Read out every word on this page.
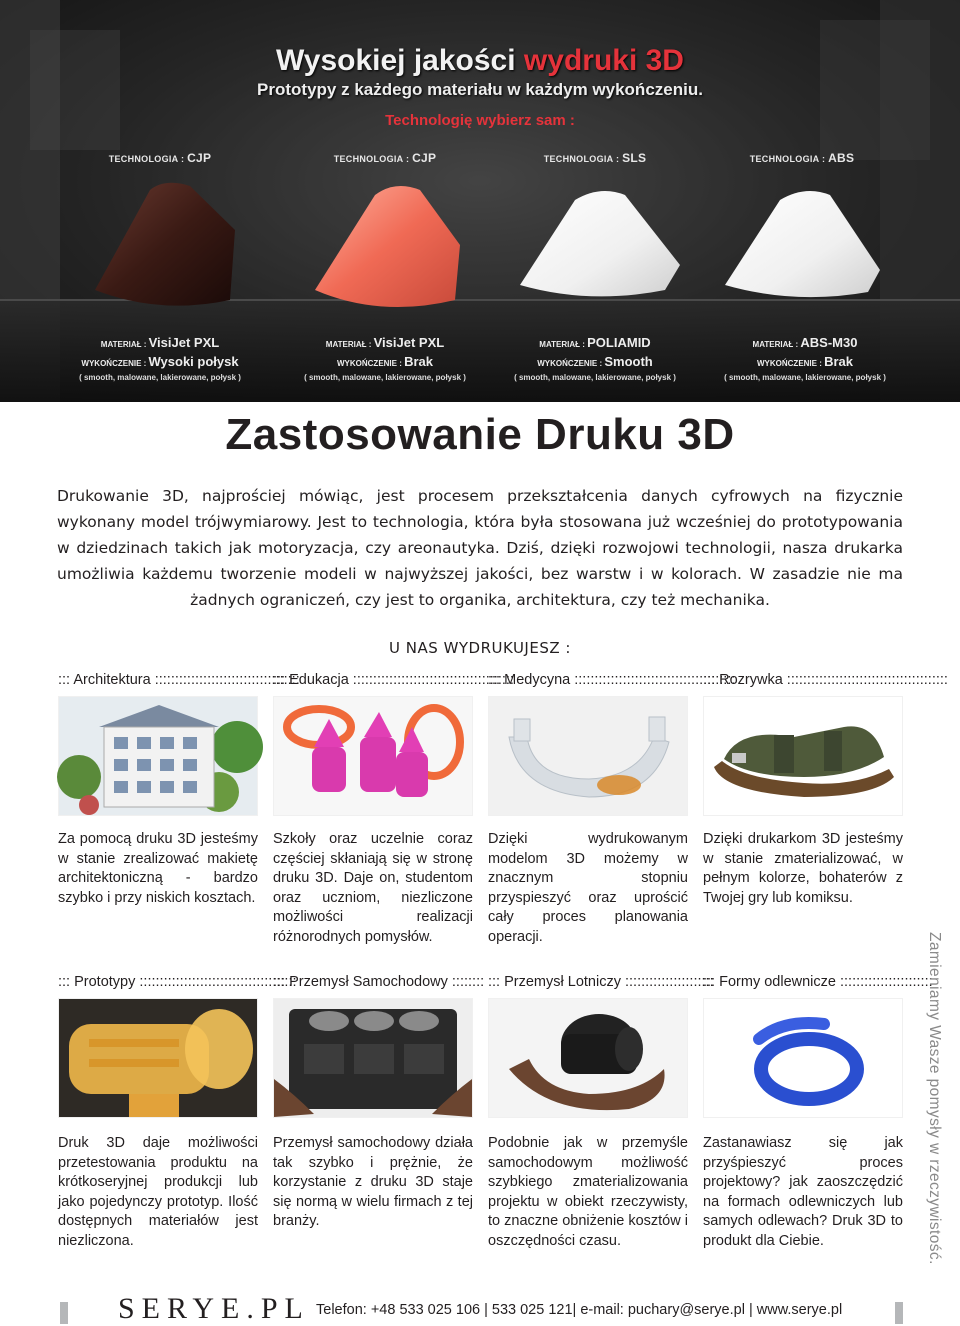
Wysokiej jakości wydruki 3D
Prototypy z każdego materiału w każdym wykończeniu.
Technologię wybierz sam :
TECHNOLOGIA : CJP	TECHNOLOGIA : CJP	TECHNOLOGIA : SLS	TECHNOLOGIA : ABS
MATERIAŁ : VisiJet PXL
WYKOŃCZENIE : Wysoki połysk
( smooth, malowane, lakierowane, połysk )
MATERIAŁ : VisiJet PXL
WYKOŃCZENIE : Brak
( smooth, malowane, lakierowane, połysk )
MATERIAŁ : POLIAMID
WYKOŃCZENIE : Smooth
( smooth, malowane, lakierowane, połysk )
MATERIAŁ : ABS-M30
WYKOŃCZENIE : Brak
( smooth, malowane, lakierowane, połysk )
Zastosowanie Druku 3D
Drukowanie 3D, najprościej mówiąc, jest procesem przekształcenia danych cyfrowych na fizycznie wykonany model trójwymiarowy. Jest to technologia, która była stosowana już wcześniej do prototypowania w dziedzinach takich jak motoryzacja, czy areonautyka. Dziś, dzięki rozwojowi technologii, nasza drukarka umożliwia każdemu tworzenie modeli w najwyższej jakości, bez warstw i w kolorach. W zasadzie nie ma żadnych ograniczeń, czy jest to organika, architektura, czy też mechanika.
U NAS WYDRUKUJESZ :
::: Architektura ::::::::::::::::::::::::::::::::::::
Za pomocą druku 3D jesteśmy w stanie zrealizować makietę architektoniczną - bardzo szybko i przy niskich kosztach.
::: Edukacja ::::::::::::::::::::::::::::::::::::::::
Szkoły oraz uczelnie coraz częściej skłaniają się w stronę druku 3D. Daje on, studentom oraz uczniom, niezliczone możliwości realizacji różnorodnych pomysłów.
::: Medycyna ::::::::::::::::::::::::::::::::::::::::
Dzięki wydrukowanym modelom 3D możemy w znacznym stopniu przyspieszyć oraz uprościć cały proces planowania operacji.
::: Rozrywka ::::::::::::::::::::::::::::::::::::::::
Dzięki drukarkom 3D jesteśmy w stanie zmaterializować, w pełnym kolorze, bohaterów z Twojej gry lub komiksu.
::: Prototypy :::::::::::::::::::::::::::::::::::::::
Druk 3D daje możliwości przetestowania produktu na krótkoseryjnej produkcji lub jako pojedynczy prototyp. Ilość dostępnych materiałów jest niezliczona.
::: Przemysł Samochodowy ::::::::
Przemysł samochodowy działa tak szybko i prężnie, że korzystanie z druku 3D staje się normą w wielu firmach z tej branży.
::: Przemysł Lotniczy ::::::::::::::::::::::
Podobnie jak w przemyśle samochodowym możliwość szybkiego zmaterializowania projektu w obiekt rzeczywisty, to znaczne obniżenie kosztów i oszczędności czasu.
::: Formy odlewnicze :::::::::::::::::::::::
Zastanawiasz się jak przyśpieszyć proces projektowy? jak zaoszczędzić na formach odlewniczych lub samych odlewach? Druk 3D to produkt dla Ciebie.	Zamieniamy Wasze pomysły w rzeczywistość.
SERYE.PL Telefon: +48 533 025 106 | 533 025 121| e-mail: puchary@serye.pl | www.serye.pl
